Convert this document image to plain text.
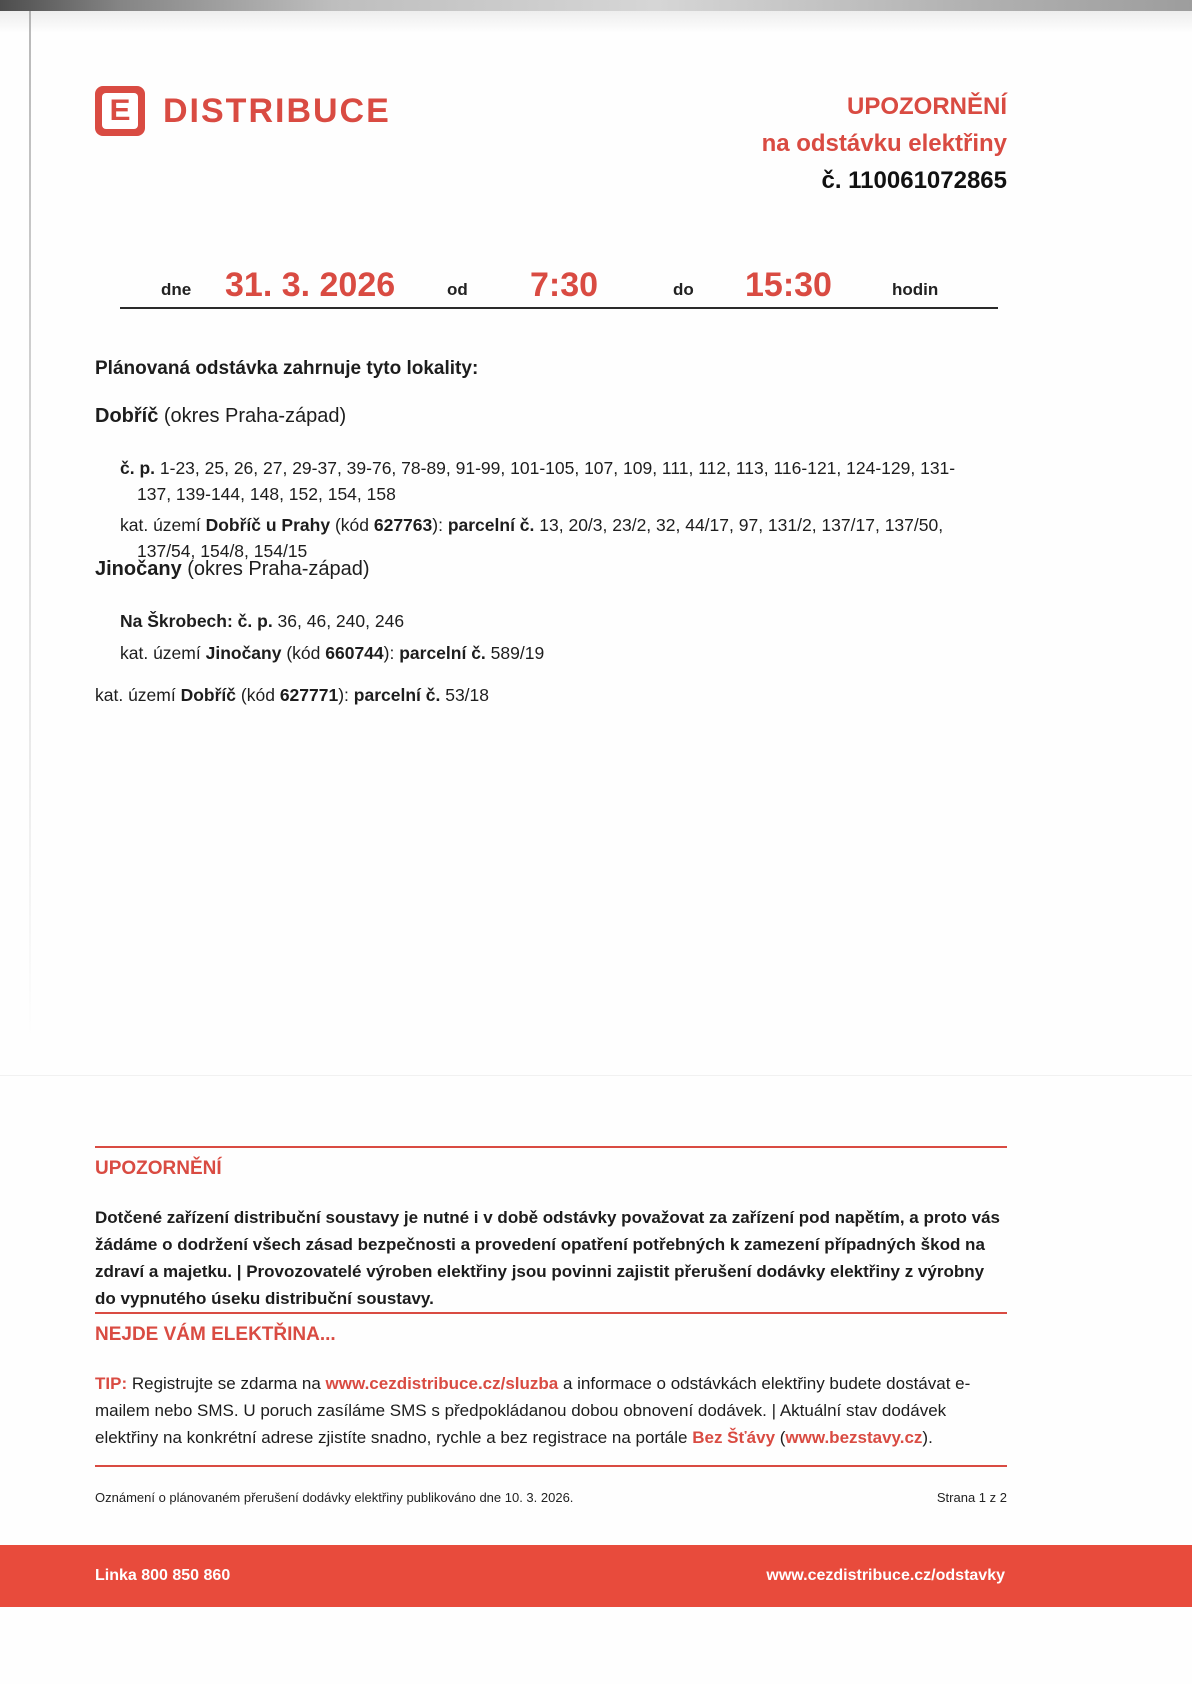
E DISTRIBUCE	UPOZORNĚNÍ
na odstávku elektřiny
č. 110061072865
dne 31. 3. 2026	od 7:30	do 15:30	hodin
Plánovaná odstávka zahrnuje tyto lokality:
Dobříč (okres Praha-západ)

č. p. 1-23, 25, 26, 27, 29-37, 39-76, 78-89, 91-99, 101-105, 107, 109, 111, 112, 113, 116-121, 124-129, 131-137, 139-144, 148, 152, 154, 158

kat. území Dobříč u Prahy (kód 627763): parcelní č. 13, 20/3, 23/2, 32, 44/17, 97, 131/2, 137/17, 137/50, 137/54, 154/8, 154/15

Jinočany (okres Praha-západ)

Na Škrobech: č. p. 36, 46, 240, 246

kat. území Jinočany (kód 660744): parcelní č. 589/19

kat. území Dobříč (kód 627771): parcelní č. 53/18

UPOZORNĚNÍ

Dotčené zařízení distribuční soustavy je nutné i v době odstávky považovat za zařízení pod napětím, a proto vás žádáme o dodržení všech zásad bezpečnosti a provedení opatření potřebných k zamezení případných škod na zdraví a majetku. | Provozovatelé výroben elektřiny jsou povinni zajistit přerušení dodávky elektřiny z výrobny do vypnutého úseku distribuční soustavy.

NEJDE VÁM ELEKTŘINA...

TIP: Registrujte se zdarma na www.cezdistribuce.cz/sluzba a informace o odstávkách elektřiny budete dostávat e-mailem nebo SMS. U poruch zasíláme SMS s předpokládanou dobou obnovení dodávek. | Aktuální stav dodávek elektřiny na konkrétní adrese zjistíte snadno, rychle a bez registrace na portále Bez Šťávy (www.bezstavy.cz).

Oznámení o plánovaném přerušení dodávky elektřiny publikováno dne 10. 3. 2026.	Strana 1 z 2
Linka 800 850 860	www.cezdistribuce.cz/odstavky
